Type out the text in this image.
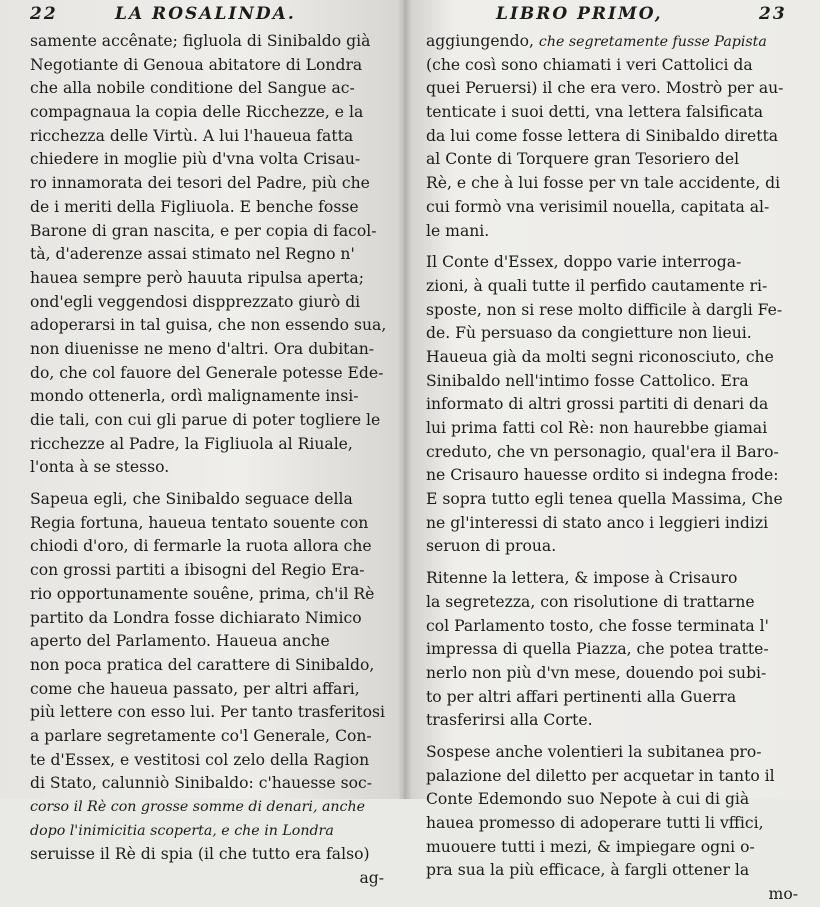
22	LA ROSALINDA.
samente accênate; figluola di Sinibaldo già
Negotiante di Genoua abitatore di Londra
che alla nobile conditione del Sangue ac-
compagnaua la copia delle Ricchezze, e la
ricchezza delle Virtù. A lui l'haueua fatta
chiedere in moglie più d'vna volta Crisau-
ro innamorata dei tesori del Padre, più che
de i meriti della Figliuola. E benche fosse
Barone di gran nascita, e per copia di facol-
tà, d'aderenze assai stimato nel Regno n'
hauea sempre però hauuta ripulsa aperta;
ond'egli veggendosi dispprezzato giurò di
adoperarsi in tal guisa, che non essendo sua,
non diuenisse ne meno d'altri. Ora dubitan-
do, che col fauore del Generale potesse Ede-
mondo ottenerla, ordì malignamente insi-
die tali, con cui gli parue di poter togliere le
ricchezze al Padre, la Figliuola al Riuale,
l'onta à se stesso.
Sapeua egli, che Sinibaldo seguace della
Regia fortuna, haueua tentato souente con
chiodi d'oro, di fermarle la ruota allora che
con grossi partiti a ibisogni del Regio Era-
rio opportunamente souêne, prima, ch'il Rè
partito da Londra fosse dichiarato Nimico
aperto del Parlamento. Haueua anche
non poca pratica del carattere di Sinibaldo,
come che haueua passato, per altri affari,
più lettere con esso lui. Per tanto trasferitosi
a parlare segretamente co'l Generale, Con-
te d'Essex, e vestitosi col zelo della Ragion
di Stato, calunniò Sinibaldo: c'hauesse soc-
corso il Rè con grosse somme di denari, anche
dopo l'inimicitia scoperta, e che in Londra
seruisse il Rè di spia (il che tutto era falso)
ag-
LIBRO PRIMO,	23
aggiungendo, che segretamente fusse Papista
(che così sono chiamati i veri Cattolici da
quei Peruersi) il che era vero. Mostrò per au-
tenticate i suoi detti, vna lettera falsificata
da lui come fosse lettera di Sinibaldo diretta
al Conte di Torquere gran Tesoriero del
Rè, e che à lui fosse per vn tale accidente, di
cui formò vna verisimil nouella, capitata al-
le mani.
Il Conte d'Essex, doppo varie interroga-
zioni, à quali tutte il perfido cautamente ri-
sposte, non si rese molto difficile à dargli Fe-
de. Fù persuaso da congietture non lieui.
Haueua già da molti segni riconosciuto, che
Sinibaldo nell'intimo fosse Cattolico. Era
informato di altri grossi partiti di denari da
lui prima fatti col Rè: non haurebbe giamai
creduto, che vn personagio, qual'era il Baro-
ne Crisauro hauesse ordito si indegna frode:
E sopra tutto egli tenea quella Massima, Che
ne gl'interessi di stato anco i leggieri indizi
seruon di proua.
Ritenne la lettera, & impose à Crisauro
la segretezza, con risolutione di trattarne
col Parlamento tosto, che fosse terminata l'
impressa di quella Piazza, che potea tratte-
nerlo non più d'vn mese, douendo poi subi-
to per altri affari pertinenti alla Guerra
trasferirsi alla Corte.
Sospese anche volentieri la subitanea pro-
palazione del diletto per acquetar in tanto il
Conte Edemondo suo Nepote à cui di già
hauea promesso di adoperare tutti li vffici,
muouere tutti i mezi, & impiegare ogni o-
pra sua la più efficace, à fargli ottener la
mo-
